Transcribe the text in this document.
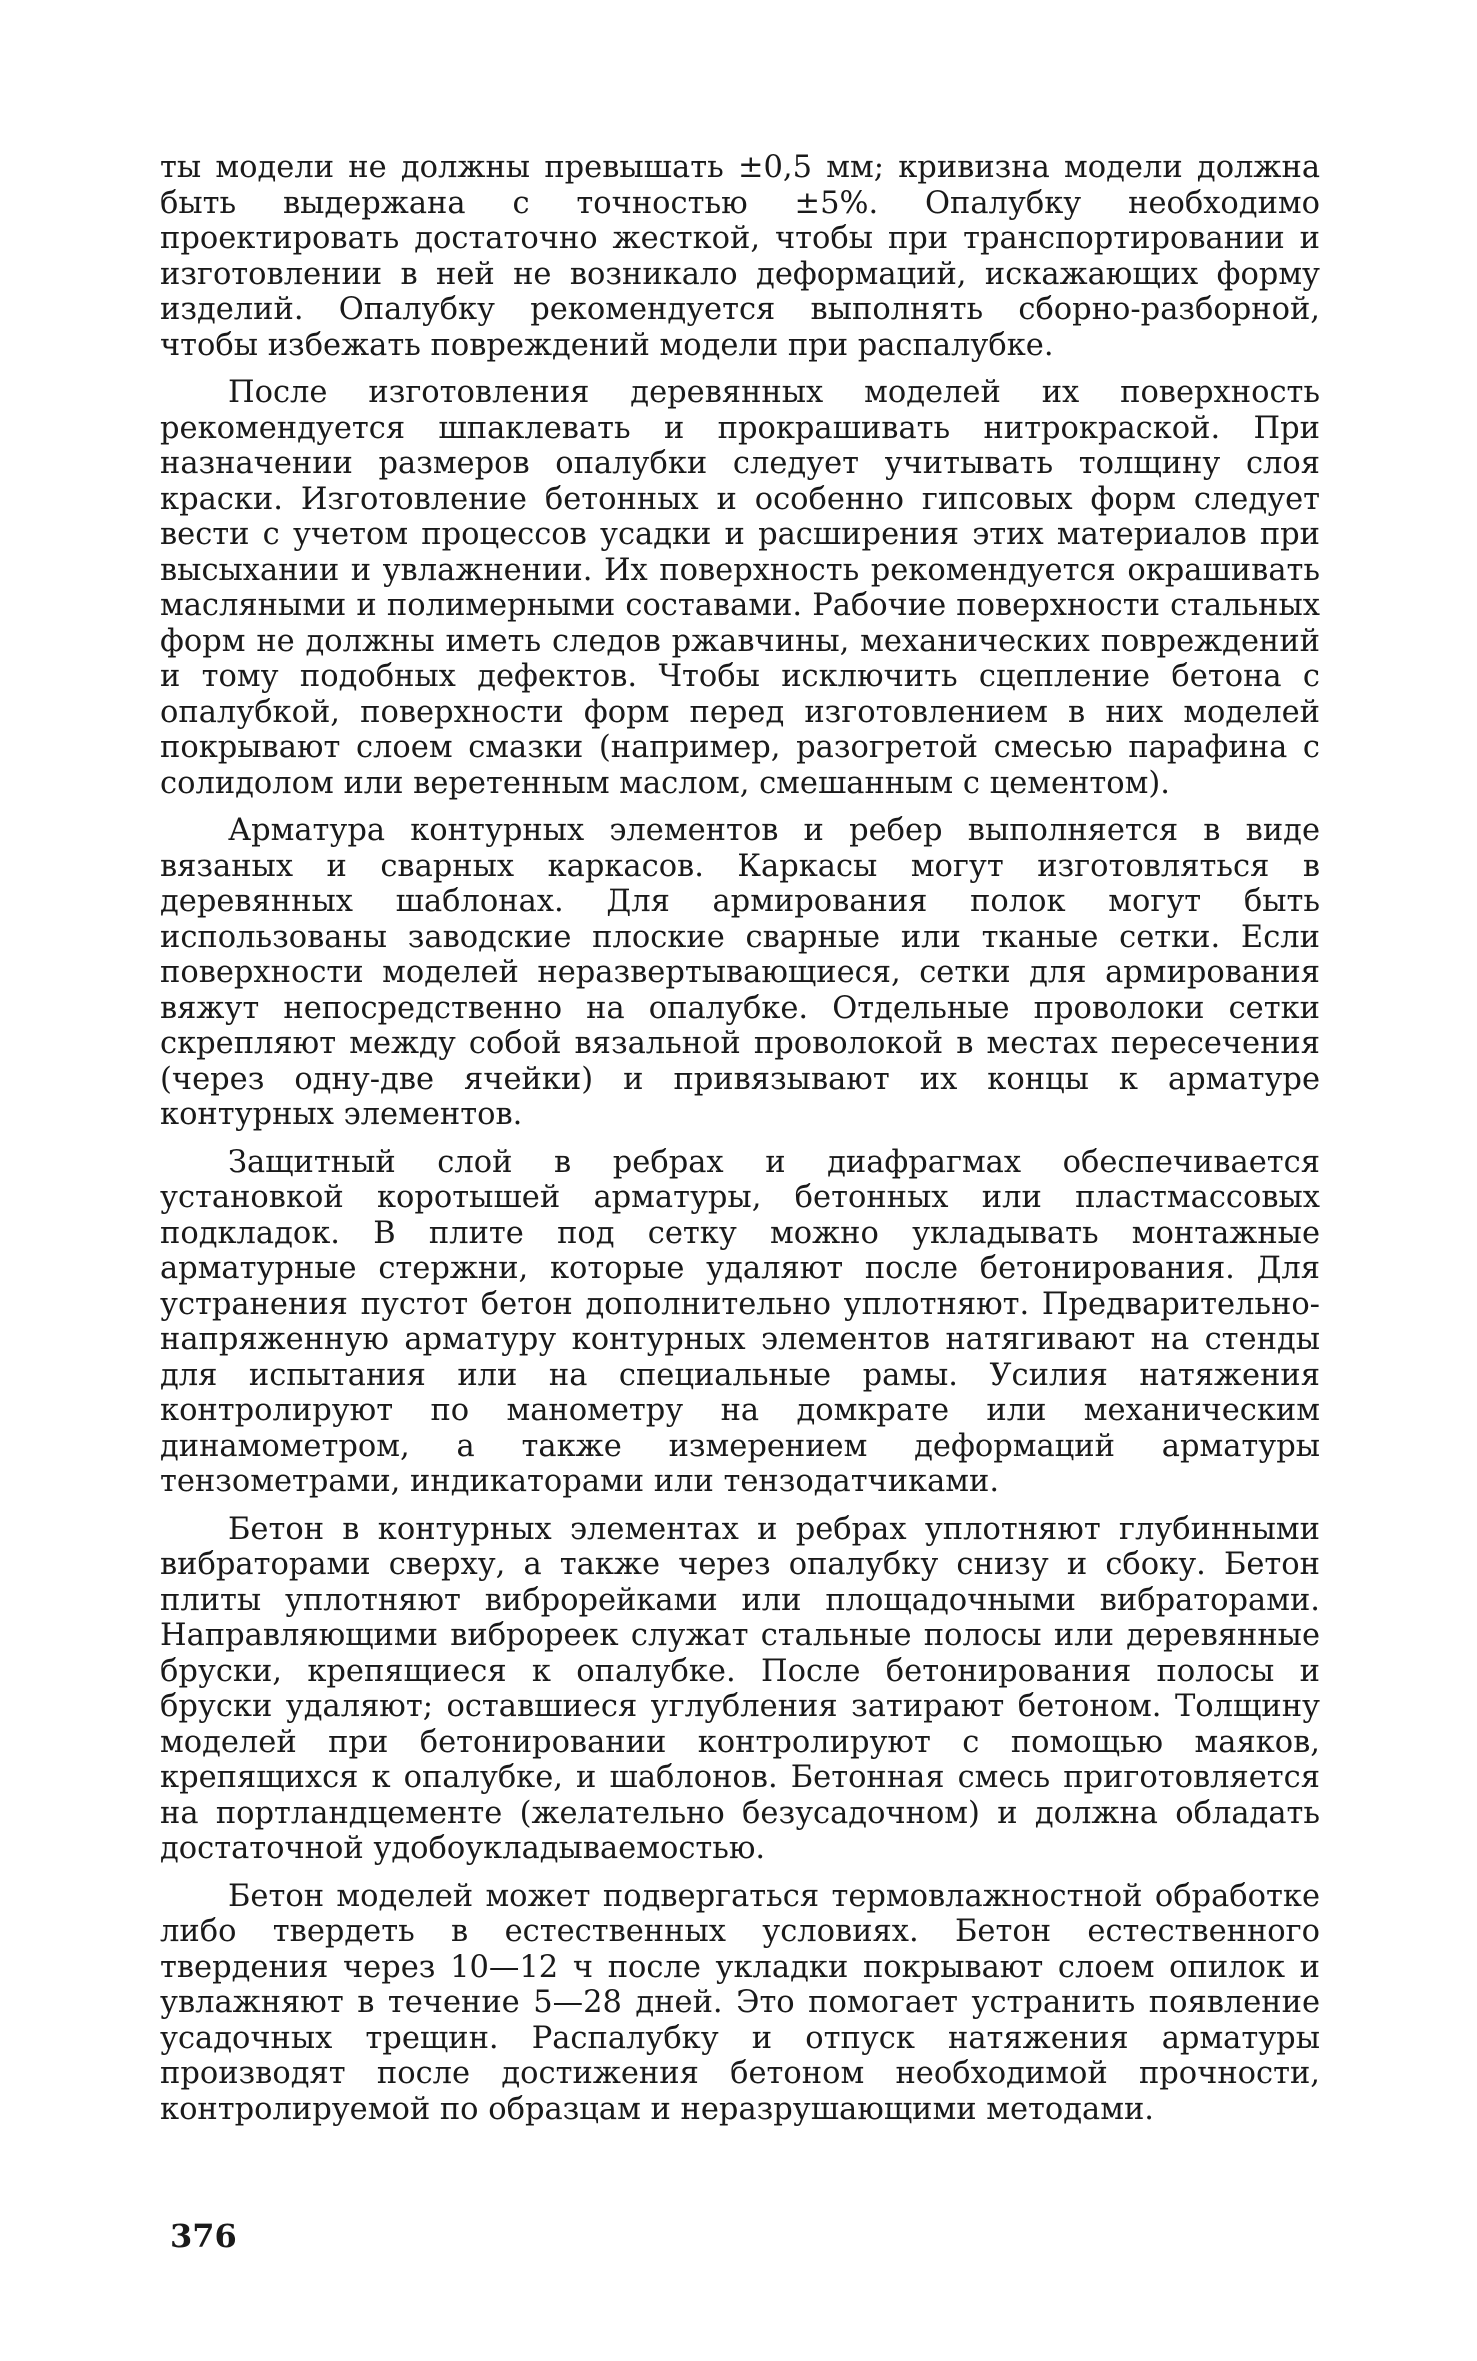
ты модели не должны превышать ±0,5 мм; кривизна модели должна быть выдержана с точностью ±5%. Опалубку необходимо проектировать достаточно жесткой, чтобы при транспортировании и изготовлении в ней не возникало деформаций, искажающих форму изделий. Опалубку рекомендуется выполнять сборно-разборной, чтобы избежать повреждений модели при распалубке.

После изготовления деревянных моделей их поверхность рекомендуется шпаклевать и прокрашивать нитрокраской. При назначении размеров опалубки следует учитывать толщину слоя краски. Изготовление бетонных и особенно гипсовых форм следует вести с учетом процессов усадки и расширения этих материалов при высыхании и увлажнении. Их поверхность рекомендуется окрашивать масляными и полимерными составами. Рабочие поверхности стальных форм не должны иметь следов ржавчины, механических повреждений и тому подобных дефектов. Чтобы исключить сцепление бетона с опалубкой, поверхности форм перед изготовлением в них моделей покрывают слоем смазки (например, разогретой смесью парафина с солидолом или веретенным маслом, смешанным с цементом).

Арматура контурных элементов и ребер выполняется в виде вязаных и сварных каркасов. Каркасы могут изготовляться в деревянных шаблонах. Для армирования полок могут быть использованы заводские плоские сварные или тканые сетки. Если поверхности моделей неразвертывающиеся, сетки для армирования вяжут непосредственно на опалубке. Отдельные проволоки сетки скрепляют между собой вязальной проволокой в местах пересечения (через одну-две ячейки) и привязывают их концы к арматуре контурных элементов.

Защитный слой в ребрах и диафрагмах обеспечивается установкой коротышей арматуры, бетонных или пластмассовых подкладок. В плите под сетку можно укладывать монтажные арматурные стержни, которые удаляют после бетонирования. Для устранения пустот бетон дополнительно уплотняют. Предварительно-напряженную арматуру контурных элементов натягивают на стенды для испытания или на специальные рамы. Усилия натяжения контролируют по манометру на домкрате или механическим динамометром, а также измерением деформаций арматуры тензометрами, индикаторами или тензодатчиками.

Бетон в контурных элементах и ребрах уплотняют глубинными вибраторами сверху, а также через опалубку снизу и сбоку. Бетон плиты уплотняют виброрейками или площадочными вибраторами. Направляющими виброреек служат стальные полосы или деревянные бруски, крепящиеся к опалубке. После бетонирования полосы и бруски удаляют; оставшиеся углубления затирают бетоном. Толщину моделей при бетонировании контролируют с помощью маяков, крепящихся к опалубке, и шаблонов. Бетонная смесь приготовляется на портландцементе (желательно безусадочном) и должна обладать достаточной удобоукладываемостью.

Бетон моделей может подвергаться термовлажностной обработке либо твердеть в естественных условиях. Бетон естественного твердения через 10—12 ч после укладки покрывают слоем опилок и увлажняют в течение 5—28 дней. Это помогает устранить появление усадочных трещин. Распалубку и отпуск натяжения арматуры производят после достижения бетоном необходимой прочности, контролируемой по образцам и неразрушающими методами.

376
